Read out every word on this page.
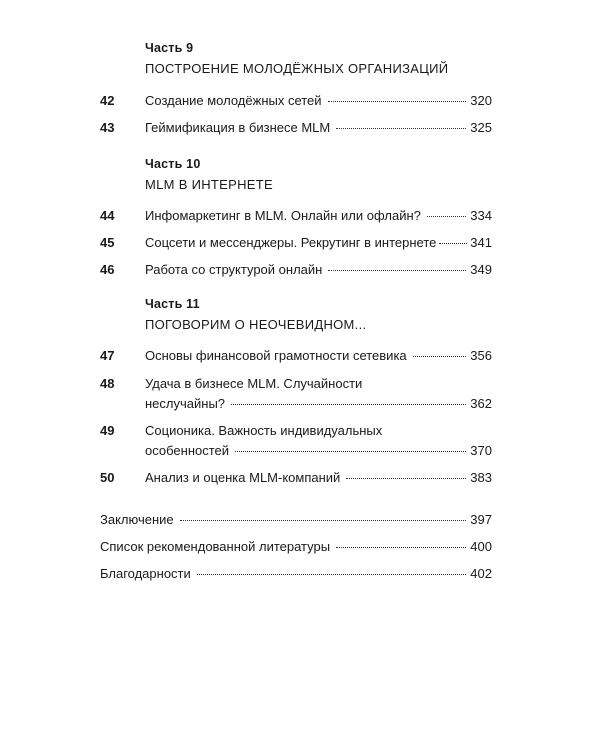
Часть 9
ПОСТРОЕНИЕ МОЛОДЁЖНЫХ ОРГАНИЗАЦИЙ
42 Создание молодёжных сетей	320
43 Геймификация в бизнесе MLM	325
Часть 10
MLM В ИНТЕРНЕТЕ
44 Инфомаркетинг в MLM. Онлайн или офлайн?	334
45 Соцсети и мессенджеры. Рекрутинг в интернете	341
46 Работа со структурой онлайн	349
Часть 11
ПОГОВОРИМ О НЕОЧЕВИДНОМ...
47 Основы финансовой грамотности сетевика	356
48 Удача в бизнесе MLM. Случайности
неслучайны?	362
49 Соционика. Важность индивидуальных
особенностей	370
50 Анализ и оценка MLM-компаний	383
Заключение	397
Список рекомендованной литературы	400
Благодарности	402
